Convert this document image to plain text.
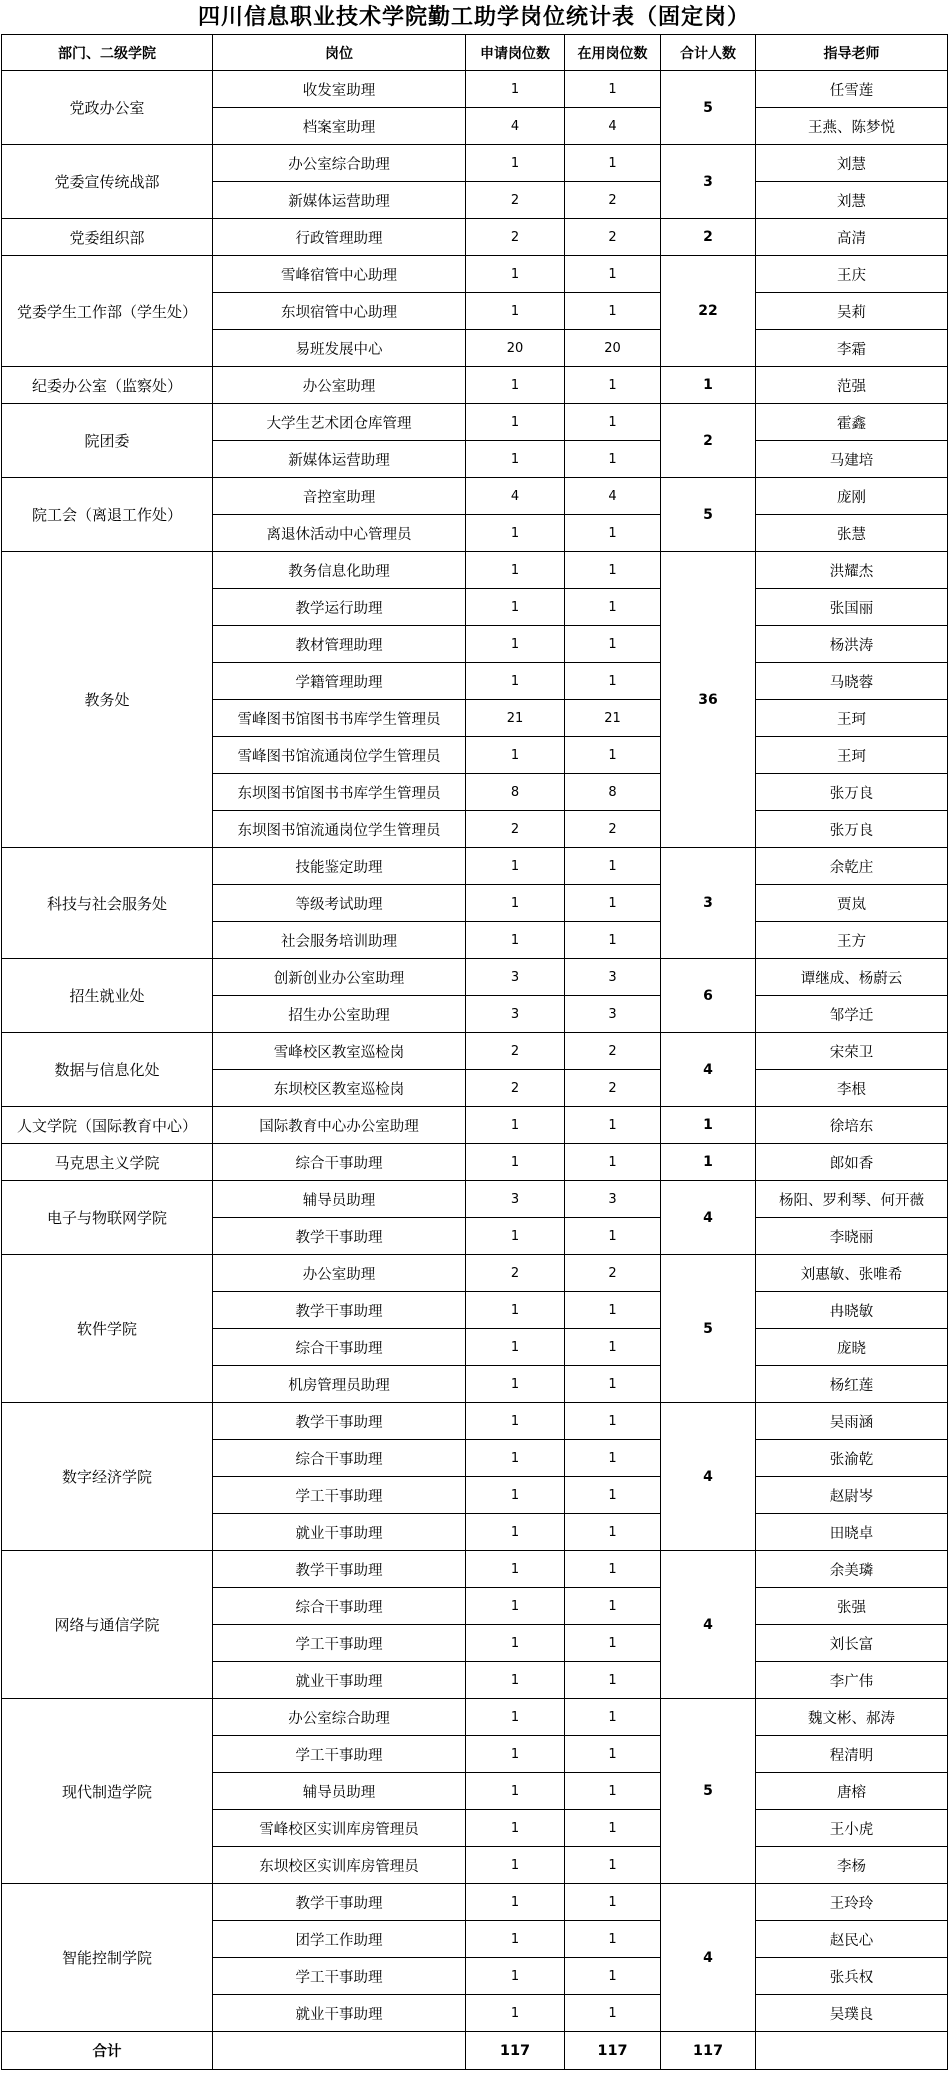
四川信息职业技术学院勤工助学岗位统计表（固定岗）
部门、二级学院	岗位	申请岗位数	在用岗位数	合计人数	指导老师
党政办公室	收发室助理	1	1	5	任雪莲
	档案室助理	4	4		王燕、陈梦悦
党委宣传统战部	办公室综合助理	1	1	3	刘慧
	新媒体运营助理	2	2		刘慧
党委组织部	行政管理助理	2	2	2	高清
党委学生工作部（学生处）	雪峰宿管中心助理	1	1	22	王庆
	东坝宿管中心助理	1	1		吴莉
	易班发展中心	20	20		李霜
纪委办公室（监察处）	办公室助理	1	1	1	范强
院团委	大学生艺术团仓库管理	1	1	2	霍鑫
	新媒体运营助理	1	1		马建培
院工会（离退工作处）	音控室助理	4	4	5	庞刚
	离退休活动中心管理员	1	1		张慧
教务处	教务信息化助理	1	1	36	洪耀杰
	教学运行助理	1	1		张国丽
	教材管理助理	1	1		杨洪涛
	学籍管理助理	1	1		马晓蓉
	雪峰图书馆图书书库学生管理员	21	21		王珂
	雪峰图书馆流通岗位学生管理员	1	1		王珂
	东坝图书馆图书书库学生管理员	8	8		张万良
	东坝图书馆流通岗位学生管理员	2	2		张万良
科技与社会服务处	技能鉴定助理	1	1	3	余乾庄
	等级考试助理	1	1		贾岚
	社会服务培训助理	1	1		王方
招生就业处	创新创业办公室助理	3	3	6	谭继成、杨蔚云
	招生办公室助理	3	3		邹学迁
数据与信息化处	雪峰校区教室巡检岗	2	2	4	宋荣卫
	东坝校区教室巡检岗	2	2		李根
人文学院（国际教育中心）	国际教育中心办公室助理	1	1	1	徐培东
马克思主义学院	综合干事助理	1	1	1	郎如香
电子与物联网学院	辅导员助理	3	3	4	杨阳、罗利琴、何开薇
	教学干事助理	1	1		李晓丽
软件学院	办公室助理	2	2	5	刘惠敏、张唯希
	教学干事助理	1	1		冉晓敏
	综合干事助理	1	1		庞晓
	机房管理员助理	1	1		杨红莲
数字经济学院	教学干事助理	1	1	4	吴雨涵
	综合干事助理	1	1		张渝乾
	学工干事助理	1	1		赵尉岑
	就业干事助理	1	1		田晓卓
网络与通信学院	教学干事助理	1	1	4	余美璘
	综合干事助理	1	1		张强
	学工干事助理	1	1		刘长富
	就业干事助理	1	1		李广伟
现代制造学院	办公室综合助理	1	1	5	魏文彬、郝涛
	学工干事助理	1	1		程清明
	辅导员助理	1	1		唐榕
	雪峰校区实训库房管理员	1	1		王小虎
	东坝校区实训库房管理员	1	1		李杨
智能控制学院	教学干事助理	1	1	4	王玲玲
	团学工作助理	1	1		赵民心
	学工干事助理	1	1		张兵权
	就业干事助理	1	1		吴璞良
合计		117	117	117	
